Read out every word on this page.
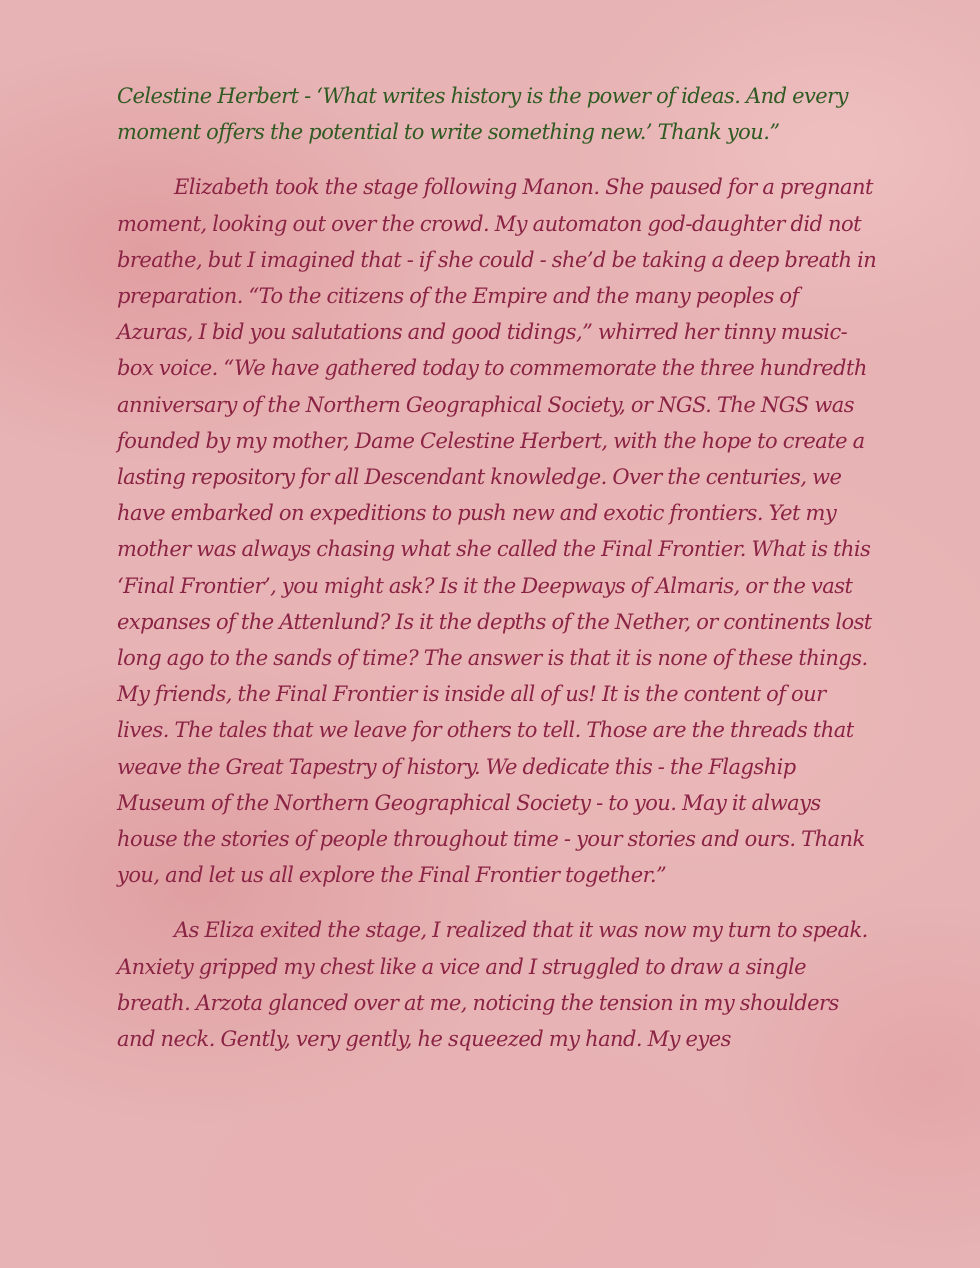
Celestine Herbert - ‘What writes history is the power of ideas. And every moment offers the potential to write something new.’ Thank you.”

Elizabeth took the stage following Manon. She paused for a pregnant moment, looking out over the crowd. My automaton god-daughter did not breathe, but I imagined that - if she could - she’d be taking a deep breath in preparation. “To the citizens of the Empire and the many peoples of Azuras, I bid you salutations and good tidings,” whirred her tinny music-box voice. “We have gathered today to commemorate the three hundredth anniversary of the Northern Geographical Society, or NGS. The NGS was founded by my mother, Dame Celestine Herbert, with the hope to create a lasting repository for all Descendant knowledge. Over the centuries, we have embarked on expeditions to push new and exotic frontiers. Yet my mother was always chasing what she called the Final Frontier. What is this ‘Final Frontier’, you might ask? Is it the Deepways of Almaris, or the vast expanses of the Attenlund? Is it the depths of the Nether, or continents lost long ago to the sands of time? The answer is that it is none of these things. My friends, the Final Frontier is inside all of us! It is the content of our lives. The tales that we leave for others to tell. Those are the threads that weave the Great Tapestry of history. We dedicate this - the Flagship Museum of the Northern Geographical Society - to you. May it always house the stories of people throughout time - your stories and ours. Thank you, and let us all explore the Final Frontier together.”

As Eliza exited the stage, I realized that it was now my turn to speak. Anxiety gripped my chest like a vice and I struggled to draw a single breath. Arzota glanced over at me, noticing the tension in my shoulders and neck. Gently, very gently, he squeezed my hand. My eyes
